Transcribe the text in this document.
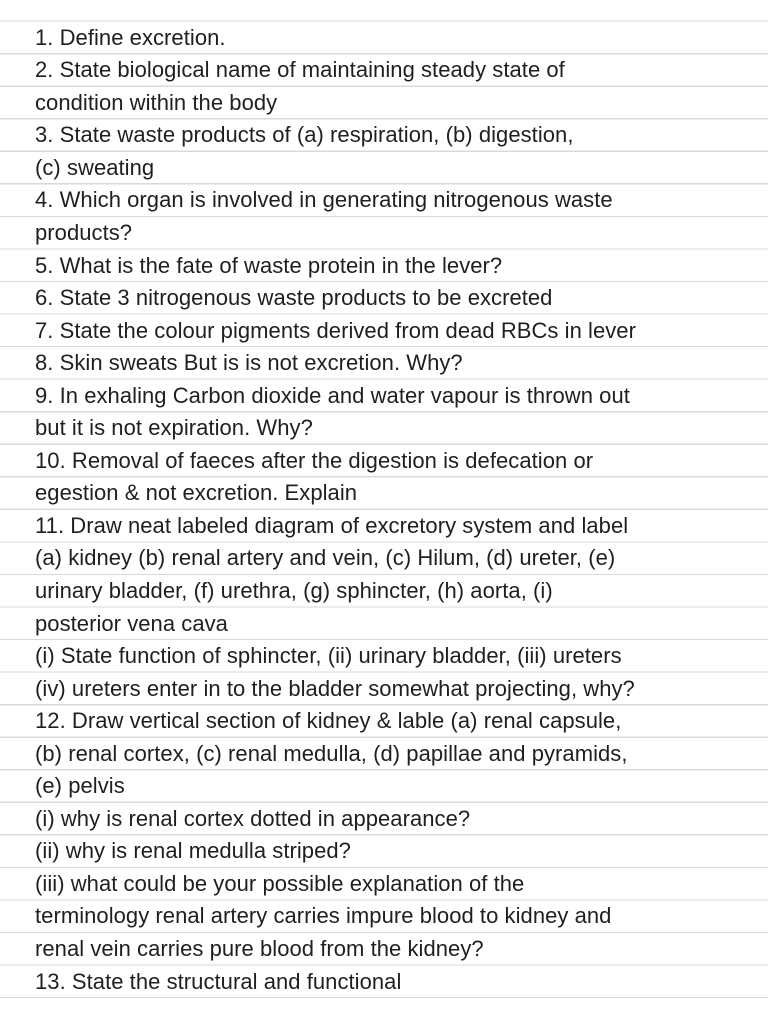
1. Define excretion.
2. State biological name of maintaining steady state of
condition within the body
3. State waste products of (a) respiration, (b) digestion,
(c) sweating
4. Which organ is involved in generating nitrogenous waste
products?
5. What is the fate of waste protein in the lever?
6. State 3 nitrogenous waste products to be excreted
7. State the colour pigments derived from dead RBCs in lever
8. Skin sweats But is is not excretion. Why?
9. In exhaling Carbon dioxide and water vapour is thrown out
but it is not expiration. Why?
10. Removal of faeces after the digestion is defecation or
egestion & not excretion. Explain
11. Draw neat labeled diagram of excretory system and label
(a) kidney (b) renal artery and vein, (c) Hilum, (d) ureter, (e)
urinary bladder, (f) urethra, (g) sphincter, (h) aorta, (i)
posterior vena cava
(i) State function of sphincter, (ii) urinary bladder, (iii) ureters
(iv) ureters enter in to the bladder somewhat projecting, why?
12. Draw vertical section of kidney & lable (a) renal capsule,
(b) renal cortex, (c) renal medulla, (d) papillae and pyramids,
(e) pelvis
(i) why is renal cortex dotted in appearance?
(ii) why is renal medulla striped?
(iii) what could be your possible explanation of the
terminology renal artery carries impure blood to kidney and
renal vein carries pure blood from the kidney?
13. State the structural and functional
